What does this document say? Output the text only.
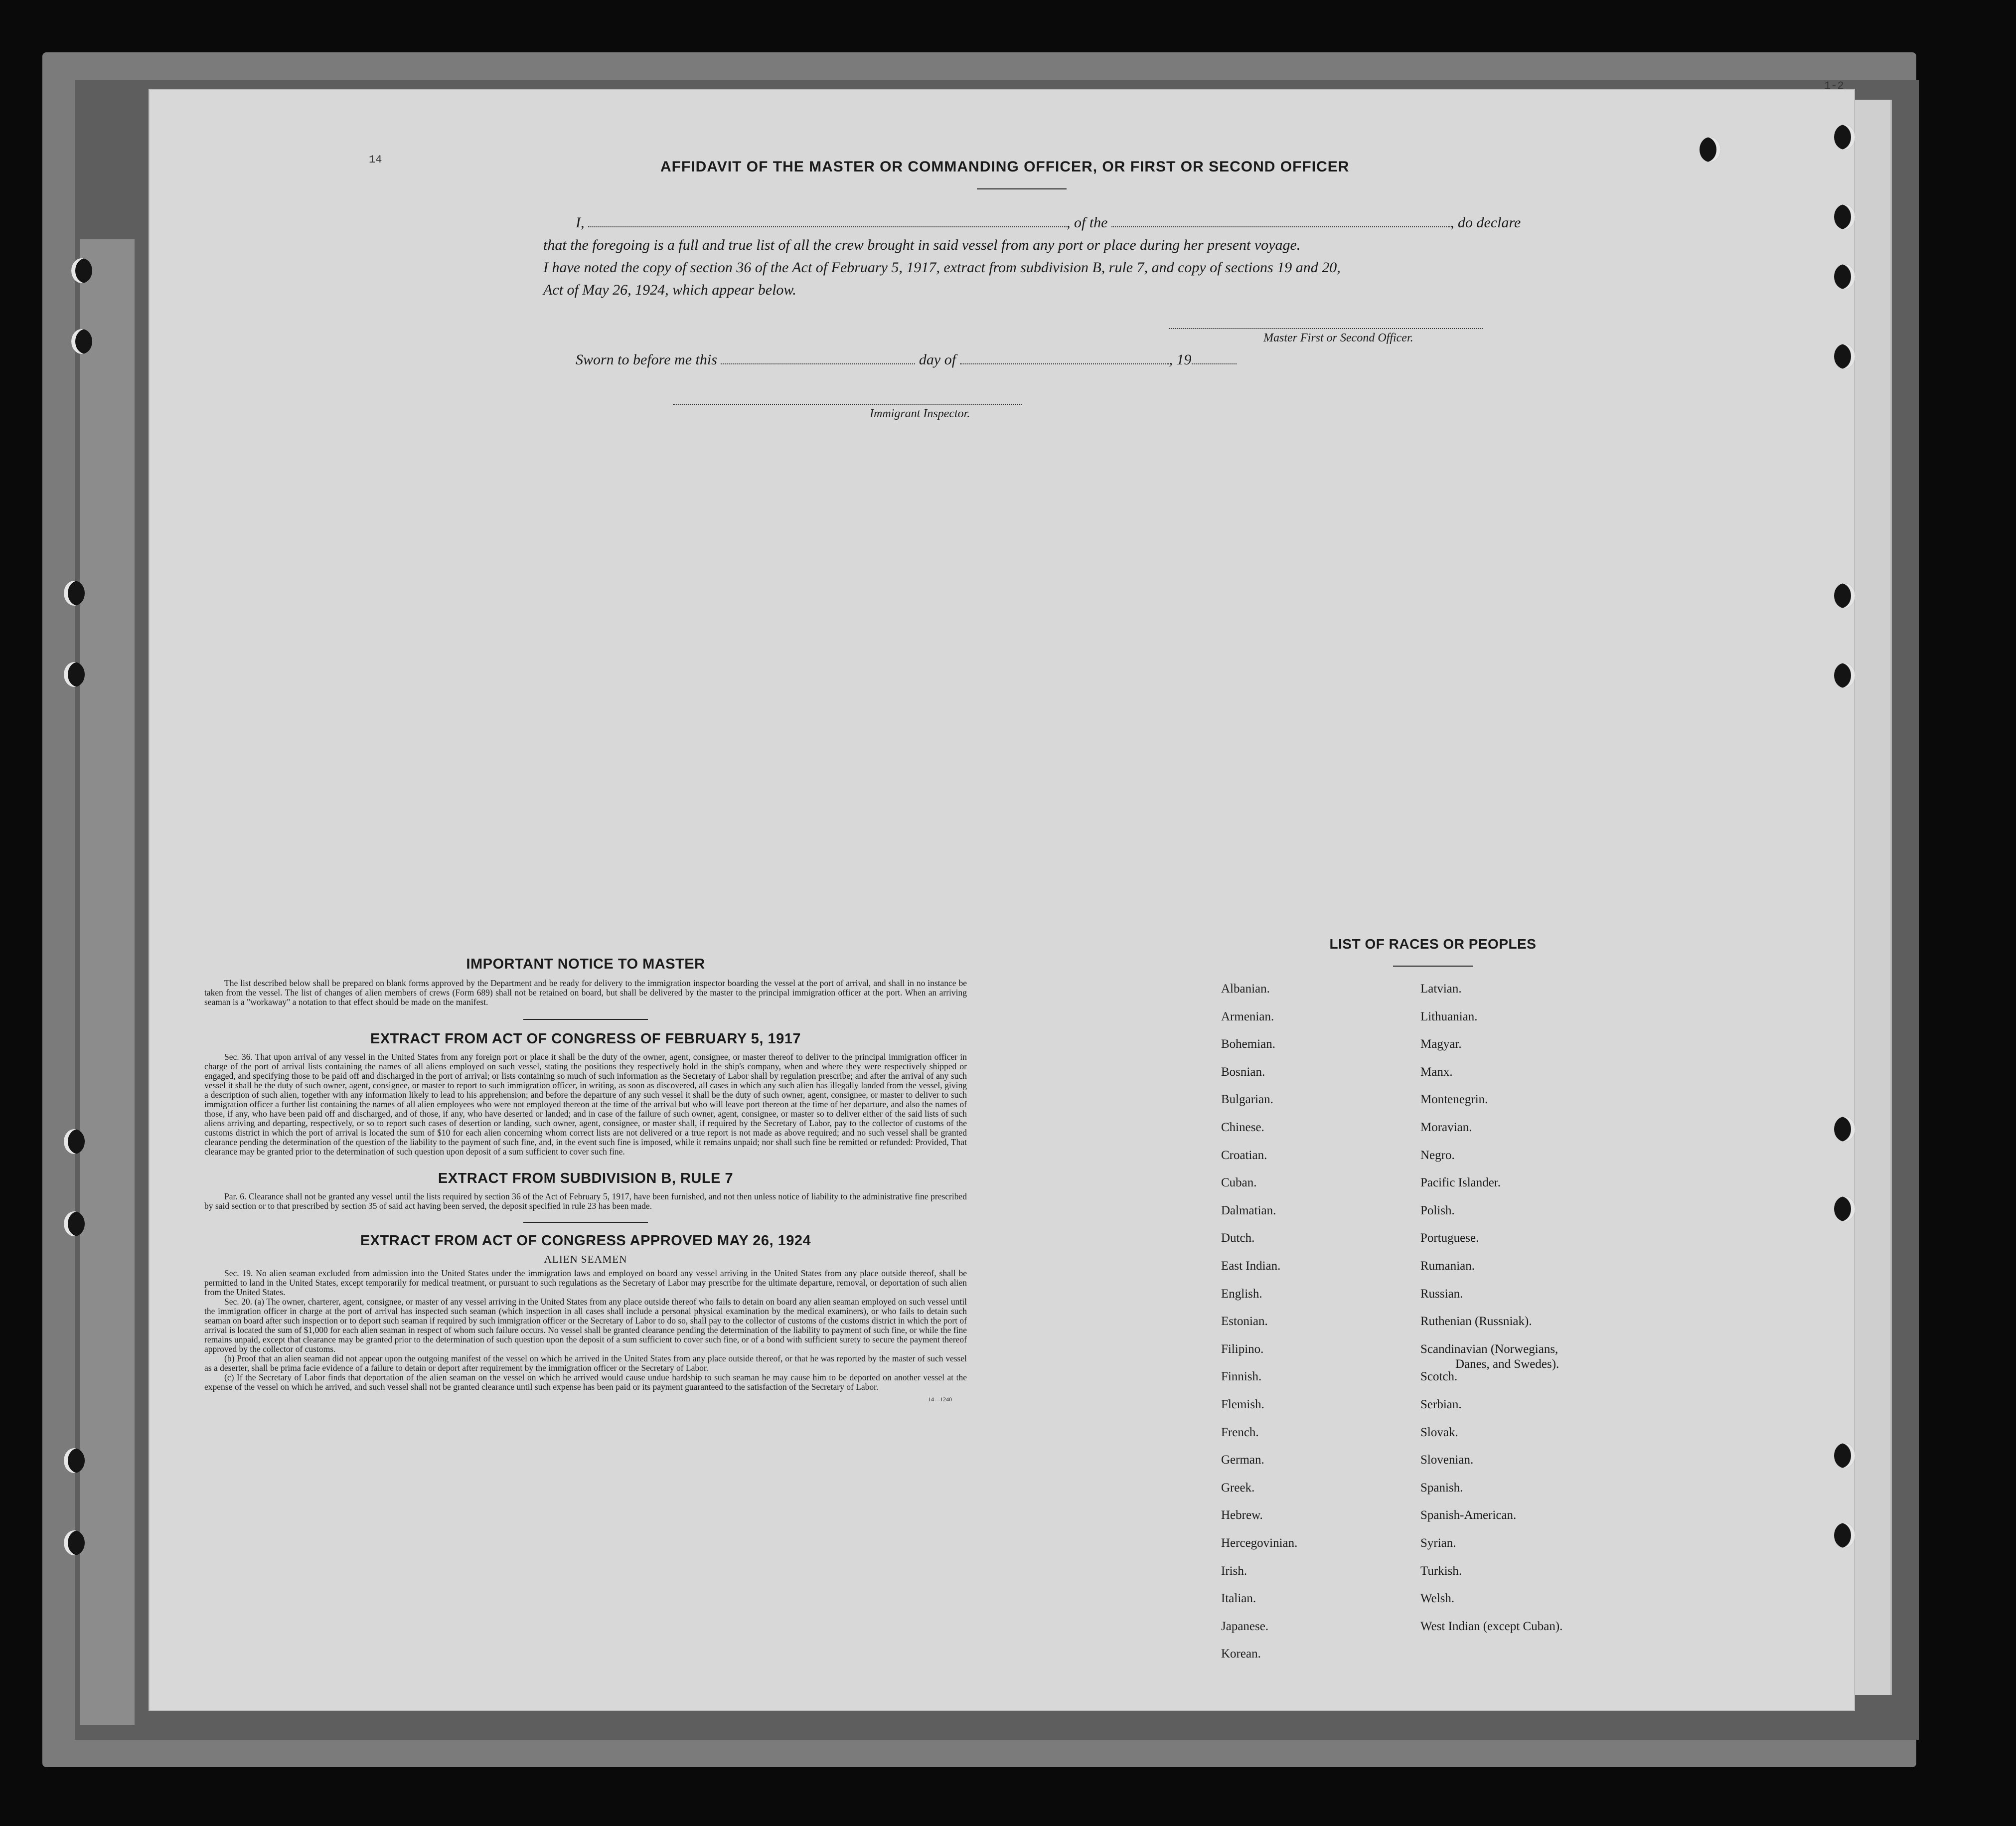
14
1-2
AFFIDAVIT OF THE MASTER OR COMMANDING OFFICER, OR FIRST OR SECOND OFFICER
I,	, of the	, do declare
that the foregoing is a full and true list of all the crew brought in said vessel from any port or place during her present voyage.
I have noted the copy of section 36 of the Act of February 5, 1917, extract from subdivision B, rule 7, and copy of sections 19 and 20,
Act of May 26, 1924, which appear below.
Master First or Second Officer.
Sworn to before me this	day of	, 19
Immigrant Inspector.
IMPORTANT NOTICE TO MASTER
The list described below shall be prepared on blank forms approved by the Department and be ready for delivery to the immigration inspector boarding the vessel at the port of arrival, and shall in no instance be taken from the vessel. The list of changes of alien members of crews (Form 689) shall not be retained on board, but shall be delivered by the master to the principal immigration officer at the port. When an arriving seaman is a "workaway" a notation to that effect should be made on the manifest.
EXTRACT FROM ACT OF CONGRESS OF FEBRUARY 5, 1917
Sec. 36. That upon arrival of any vessel in the United States from any foreign port or place it shall be the duty of the owner, agent, consignee, or master thereof to deliver to the principal immigration officer in charge of the port of arrival lists containing the names of all aliens employed on such vessel, stating the positions they respectively hold in the ship's company, when and where they were respectively shipped or engaged, and specifying those to be paid off and discharged in the port of arrival; or lists containing so much of such information as the Secretary of Labor shall by regulation prescribe; and after the arrival of any such vessel it shall be the duty of such owner, agent, consignee, or master to report to such immigration officer, in writing, as soon as discovered, all cases in which any such alien has illegally landed from the vessel, giving a description of such alien, together with any information likely to lead to his apprehension; and before the departure of any such vessel it shall be the duty of such owner, agent, consignee, or master to deliver to such immigration officer a further list containing the names of all alien employees who were not employed thereon at the time of the arrival but who will leave port thereon at the time of her departure, and also the names of those, if any, who have been paid off and discharged, and of those, if any, who have deserted or landed; and in case of the failure of such owner, agent, consignee, or master so to deliver either of the said lists of such aliens arriving and departing, respectively, or so to report such cases of desertion or landing, such owner, agent, consignee, or master shall, if required by the Secretary of Labor, pay to the collector of customs of the customs district in which the port of arrival is located the sum of $10 for each alien concerning whom correct lists are not delivered or a true report is not made as above required; and no such vessel shall be granted clearance pending the determination of the question of the liability to the payment of such fine, and, in the event such fine is imposed, while it remains unpaid; nor shall such fine be remitted or refunded: Provided, That clearance may be granted prior to the determination of such question upon deposit of a sum sufficient to cover such fine.
EXTRACT FROM SUBDIVISION B, RULE 7
Par. 6. Clearance shall not be granted any vessel until the lists required by section 36 of the Act of February 5, 1917, have been furnished, and not then unless notice of liability to the administrative fine prescribed by said section or to that prescribed by section 35 of said act having been served, the deposit specified in rule 23 has been made.
EXTRACT FROM ACT OF CONGRESS APPROVED MAY 26, 1924
ALIEN SEAMEN
Sec. 19. No alien seaman excluded from admission into the United States under the immigration laws and employed on board any vessel arriving in the United States from any place outside thereof, shall be permitted to land in the United States, except temporarily for medical treatment, or pursuant to such regulations as the Secretary of Labor may prescribe for the ultimate departure, removal, or deportation of such alien from the United States.
Sec. 20. (a) The owner, charterer, agent, consignee, or master of any vessel arriving in the United States from any place outside thereof who fails to detain on board any alien seaman employed on such vessel until the immigration officer in charge at the port of arrival has inspected such seaman (which inspection in all cases shall include a personal physical examination by the medical examiners), or who fails to detain such seaman on board after such inspection or to deport such seaman if required by such immigration officer or the Secretary of Labor to do so, shall pay to the collector of customs of the customs district in which the port of arrival is located the sum of $1,000 for each alien seaman in respect of whom such failure occurs. No vessel shall be granted clearance pending the determination of the liability to payment of such fine, or while the fine remains unpaid, except that clearance may be granted prior to the determination of such question upon the deposit of a sum sufficient to cover such fine, or of a bond with sufficient surety to secure the payment thereof approved by the collector of customs.
(b) Proof that an alien seaman did not appear upon the outgoing manifest of the vessel on which he arrived in the United States from any place outside thereof, or that he was reported by the master of such vessel as a deserter, shall be prima facie evidence of a failure to detain or deport after requirement by the immigration officer or the Secretary of Labor.
(c) If the Secretary of Labor finds that deportation of the alien seaman on the vessel on which he arrived would cause undue hardship to such seaman he may cause him to be deported on another vessel at the expense of the vessel on which he arrived, and such vessel shall not be granted clearance until such expense has been paid or its payment guaranteed to the satisfaction of the Secretary of Labor.
14—1240
LIST OF RACES OR PEOPLES
Albanian.
Armenian.
Bohemian.
Bosnian.
Bulgarian.
Chinese.
Croatian.
Cuban.
Dalmatian.
Dutch.
East Indian.
English.
Estonian.
Filipino.
Finnish.
Flemish.
French.
German.
Greek.
Hebrew.
Hercegovinian.
Irish.
Italian.
Japanese.
Korean.
Latvian.
Lithuanian.
Magyar.
Manx.
Montenegrin.
Moravian.
Negro.
Pacific Islander.
Polish.
Portuguese.
Rumanian.
Russian.
Ruthenian (Russniak).
Scandinavian (Norwegians,
Danes, and Swedes).
Scotch.
Serbian.
Slovak.
Slovenian.
Spanish.
Spanish-American.
Syrian.
Turkish.
Welsh.
West Indian (except Cuban).
